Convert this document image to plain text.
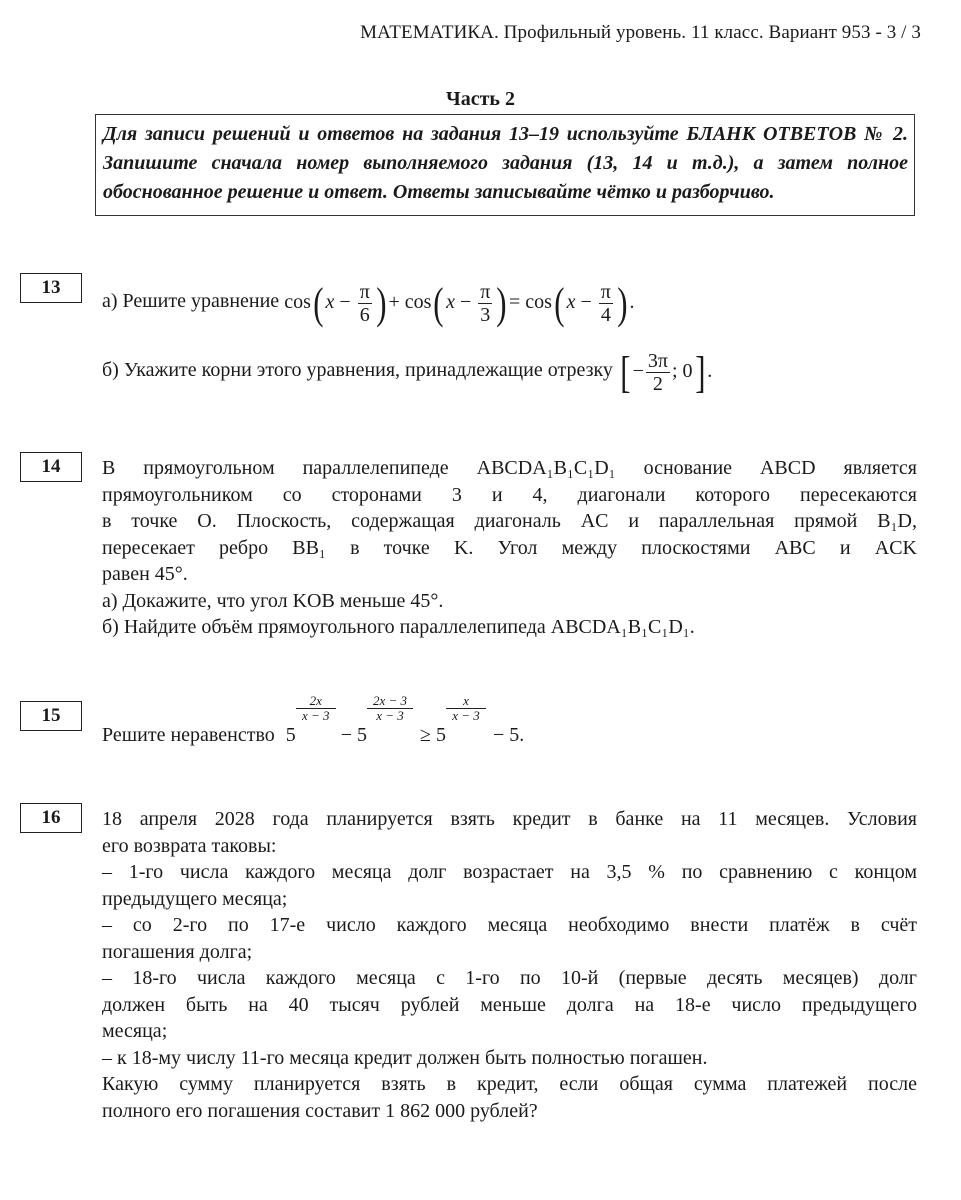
МАТЕМАТИКА. Профильный уровень. 11 класс. Вариант 953 - 3 / 3
Часть 2
Для записи решений и ответов на задания 13–19 используйте БЛАНК ОТВЕТОВ № 2. Запишите сначала номер выполняемого задания (13, 14 и т.д.), а затем полное обоснованное решение и ответ. Ответы записывайте чётко и разборчиво.
13
а) Решите уравнение cos( $x - \frac{\pi}{6}$ ) + cos( $x - \frac{\pi}{3}$ ) = cos( $x - \frac{\pi}{4}$ ) .
б) Укажите корни этого уравнения, принадлежащие отрезку [ − $\frac{3\pi}{2}$ ; 0] .
14	В прямоугольном параллелепипеде ABCDA₁B₁C₁D₁ основание ABCD является
прямоугольником со сторонами 3 и 4, диагонали которого пересекаются
в точке O. Плоскость, содержащая диагональ AC и параллельная прямой B₁D,
пересекает ребро BB₁ в точке K. Угол между плоскостями ABC и ACK
равен 45°.
а) Докажите, что угол KOB меньше 45°.
б) Найдите объём прямоугольного параллелепипеда ABCDA₁B₁C₁D₁.
15
Решите неравенство 5
2x
x − 3
− 5
2x − 3
x − 3
≥ 5
x
x − 3
− 5.
16	18 апреля 2028 года планируется взять кредит в банке на 11 месяцев. Условия
его возврата таковы:
– 1-го числа каждого месяца долг возрастает на 3,5 % по сравнению с концом
предыдущего месяца;
– со 2-го по 17-е число каждого месяца необходимо внести платёж в счёт
погашения долга;
– 18-го числа каждого месяца с 1-го по 10-й (первые десять месяцев) долг
должен быть на 40 тысяч рублей меньше долга на 18-е число предыдущего
месяца;
– к 18-му числу 11-го месяца кредит должен быть полностью погашен.
Какую сумму планируется взять в кредит, если общая сумма платежей после
полного его погашения составит 1 862 000 рублей?
